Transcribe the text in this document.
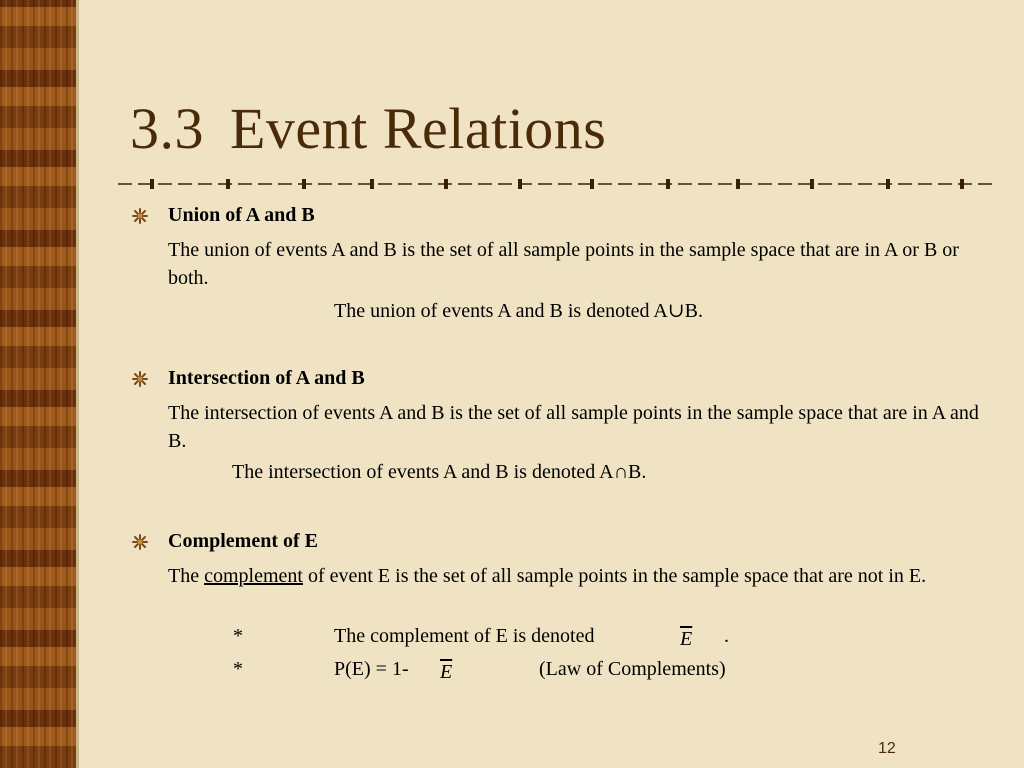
3.3 Event Relations
Union of A and B
The union of events A and B is the set of all sample points in the sample space that are in A or B or both.
The union of events A and B is denoted A∪B.
Intersection of A and B
The intersection of events A and B is the set of all sample points in the sample space that are in A and B.
The intersection of events A and B is denoted A∩B.
Complement of E
The complement of event E is the set of all sample points in the sample space that are not in E.
*	The complement of E is denoted	$\overline{E}$ .
*	P(E) = 1- $\overline{E}$	(Law of Complements)
12
